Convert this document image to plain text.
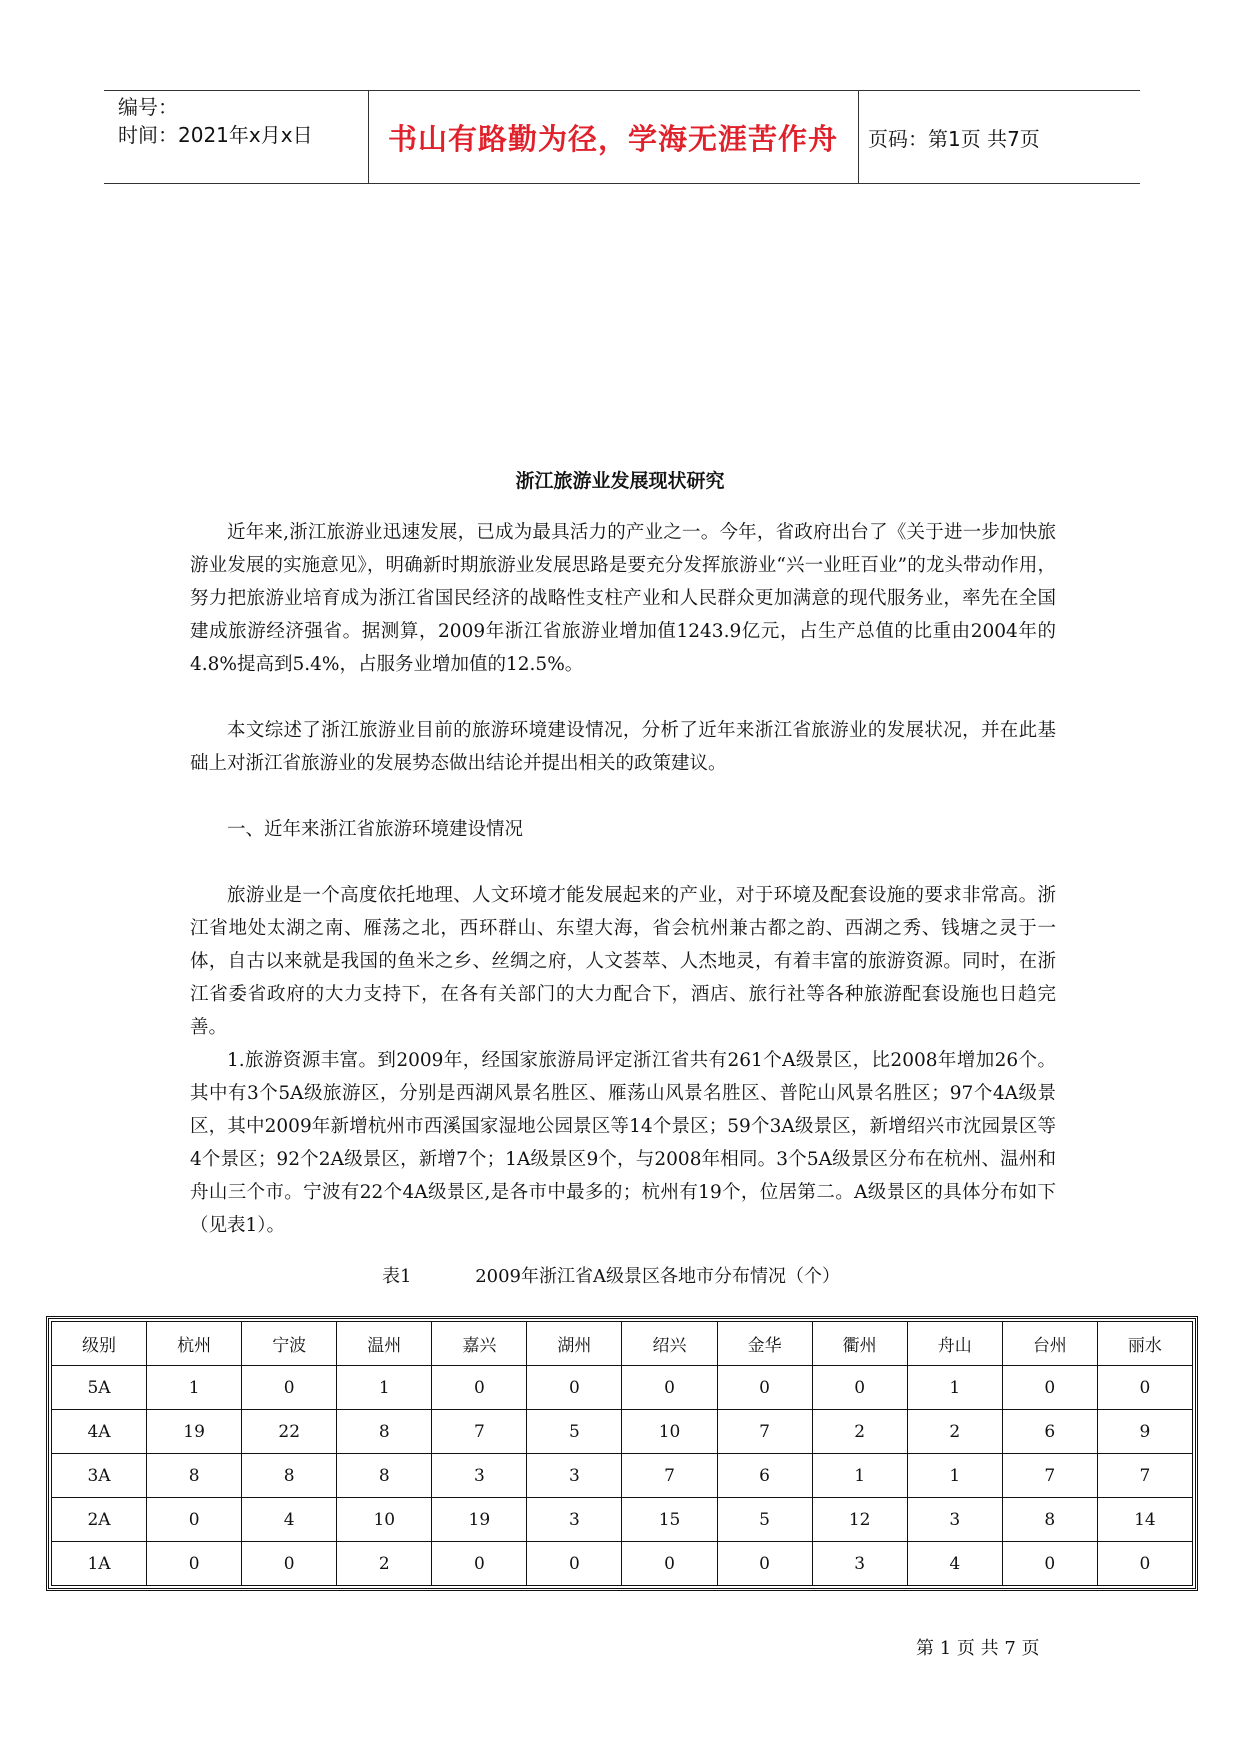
编号：
时间：2021年x月x日	书山有路勤为径，学海无涯苦作舟	页码：第1页 共7页
浙江旅游业发展现状研究

近年来,浙江旅游业迅速发展，已成为最具活力的产业之一。今年，省政府出台了《关于进一步加快旅游业发展的实施意见》，明确新时期旅游业发展思路是要充分发挥旅游业“兴一业旺百业”的龙头带动作用，努力把旅游业培育成为浙江省国民经济的战略性支柱产业和人民群众更加满意的现代服务业，率先在全国建成旅游经济强省。据测算，2009年浙江省旅游业增加值1243.9亿元，占生产总值的比重由2004年的4.8%提高到5.4%，占服务业增加值的12.5%。

本文综述了浙江旅游业目前的旅游环境建设情况，分析了近年来浙江省旅游业的发展状况，并在此基础上对浙江省旅游业的发展势态做出结论并提出相关的政策建议。

一、近年来浙江省旅游环境建设情况

旅游业是一个高度依托地理、人文环境才能发展起来的产业，对于环境及配套设施的要求非常高。浙江省地处太湖之南、雁荡之北，西环群山、东望大海，省会杭州兼古都之韵、西湖之秀、钱塘之灵于一体，自古以来就是我国的鱼米之乡、丝绸之府，人文荟萃、人杰地灵，有着丰富的旅游资源。同时，在浙江省委省政府的大力支持下，在各有关部门的大力配合下，酒店、旅行社等各种旅游配套设施也日趋完善。

1.旅游资源丰富。到2009年，经国家旅游局评定浙江省共有261个A级景区，比2008年增加26个。其中有3个5A级旅游区，分别是西湖风景名胜区、雁荡山风景名胜区、普陀山风景名胜区；97个4A级景区，其中2009年新增杭州市西溪国家湿地公园景区等14个景区；59个3A级景区，新增绍兴市沈园景区等4个景区；92个2A级景区，新增7个；1A级景区9个，与2008年相同。3个5A级景区分布在杭州、温州和舟山三个市。宁波有22个4A级景区,是各市中最多的；杭州有19个，位居第二。A级景区的具体分布如下（见表1）。

表1	2009年浙江省A级景区各地市分布情况（个）
级别	杭州	宁波	温州	嘉兴	湖州	绍兴	金华	衢州	舟山	台州	丽水
5A	1	0	1	0	0	0	0	0	1	0	0
4A	19	22	8	7	5	10	7	2	2	6	9
3A	8	8	8	3	3	7	6	1	1	7	7
2A	0	4	10	19	3	15	5	12	3	8	14
1A	0	0	2	0	0	0	0	3	4	0	0
第 1 页 共 7 页
